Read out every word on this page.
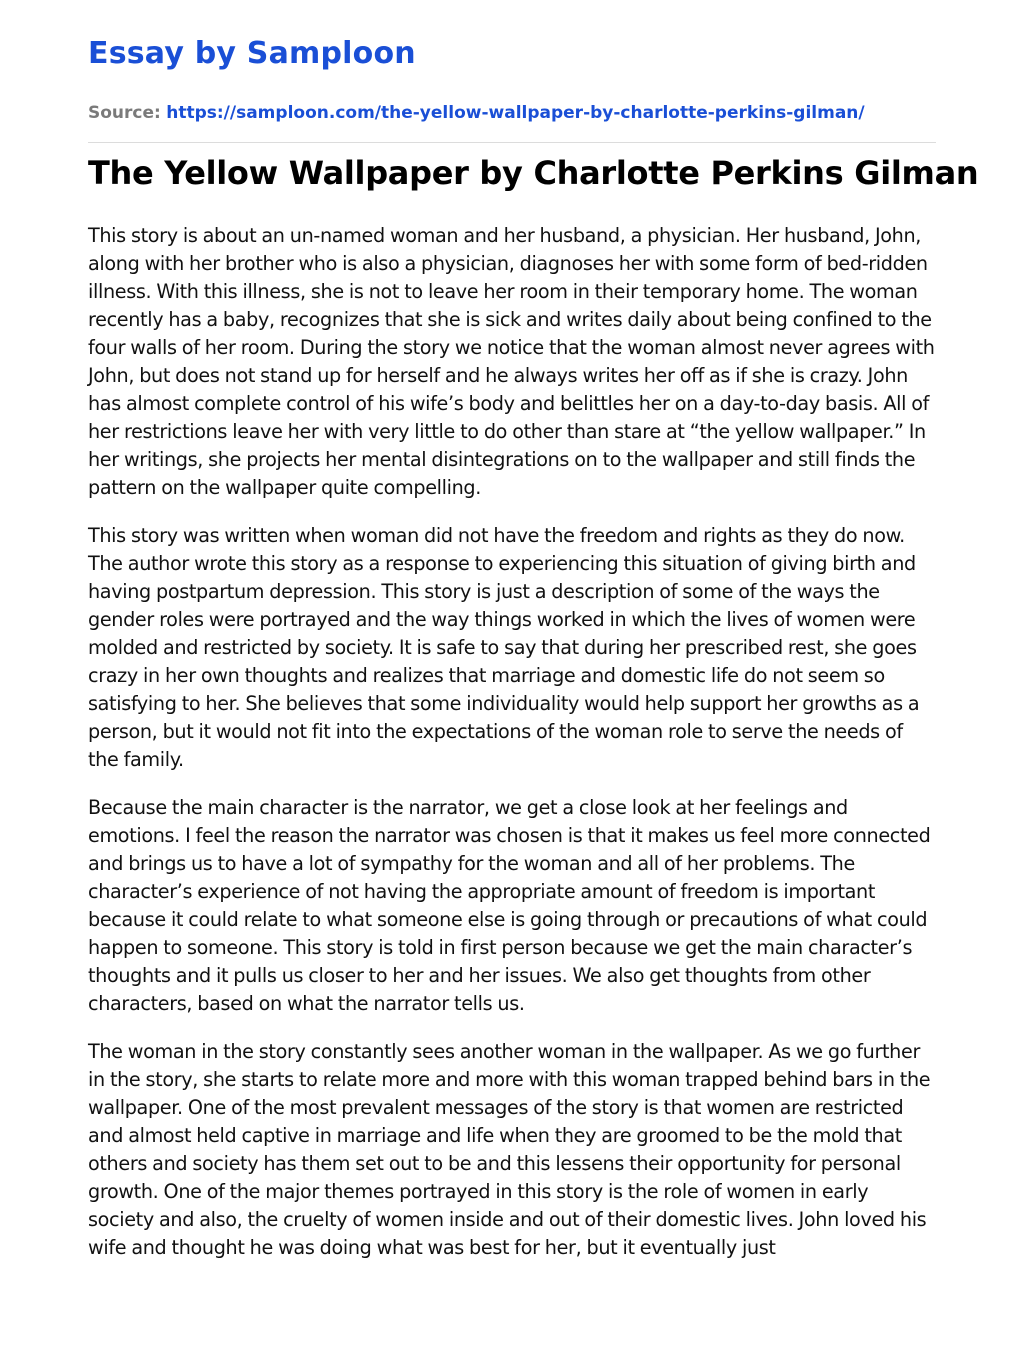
Essay by Samploon
Source: https://samploon.com/the-yellow-wallpaper-by-charlotte-perkins-gilman/
The Yellow Wallpaper by Charlotte Perkins Gilman

This story is about an un-named woman and her husband, a physician. Her husband, John, along with her brother who is also a physician, diagnoses her with some form of bed-ridden illness. With this illness, she is not to leave her room in their temporary home. The woman recently has a baby, recognizes that she is sick and writes daily about being confined to the four walls of her room. During the story we notice that the woman almost never agrees with John, but does not stand up for herself and he always writes her off as if she is crazy. John has almost complete control of his wife’s body and belittles her on a day-to-day basis. All of her restrictions leave her with very little to do other than stare at “the yellow wallpaper.” In her writings, she projects her mental disintegrations on to the wallpaper and still finds the pattern on the wallpaper quite compelling.

This story was written when woman did not have the freedom and rights as they do now. The author wrote this story as a response to experiencing this situation of giving birth and having postpartum depression. This story is just a description of some of the ways the gender roles were portrayed and the way things worked in which the lives of women were molded and restricted by society. It is safe to say that during her prescribed rest, she goes crazy in her own thoughts and realizes that marriage and domestic life do not seem so satisfying to her. She believes that some individuality would help support her growths as a person, but it would not fit into the expectations of the woman role to serve the needs of the family.

Because the main character is the narrator, we get a close look at her feelings and emotions. I feel the reason the narrator was chosen is that it makes us feel more connected and brings us to have a lot of sympathy for the woman and all of her problems. The character’s experience of not having the appropriate amount of freedom is important because it could relate to what someone else is going through or precautions of what could happen to someone. This story is told in first person because we get the main character’s thoughts and it pulls us closer to her and her issues. We also get thoughts from other characters, based on what the narrator tells us.

The woman in the story constantly sees another woman in the wallpaper. As we go further in the story, she starts to relate more and more with this woman trapped behind bars in the wallpaper. One of the most prevalent messages of the story is that women are restricted and almost held captive in marriage and life when they are groomed to be the mold that others and society has them set out to be and this lessens their opportunity for personal growth. One of the major themes portrayed in this story is the role of women in early society and also, the cruelty of women inside and out of their domestic lives. John loved his wife and thought he was doing what was best for her, but it eventually just
